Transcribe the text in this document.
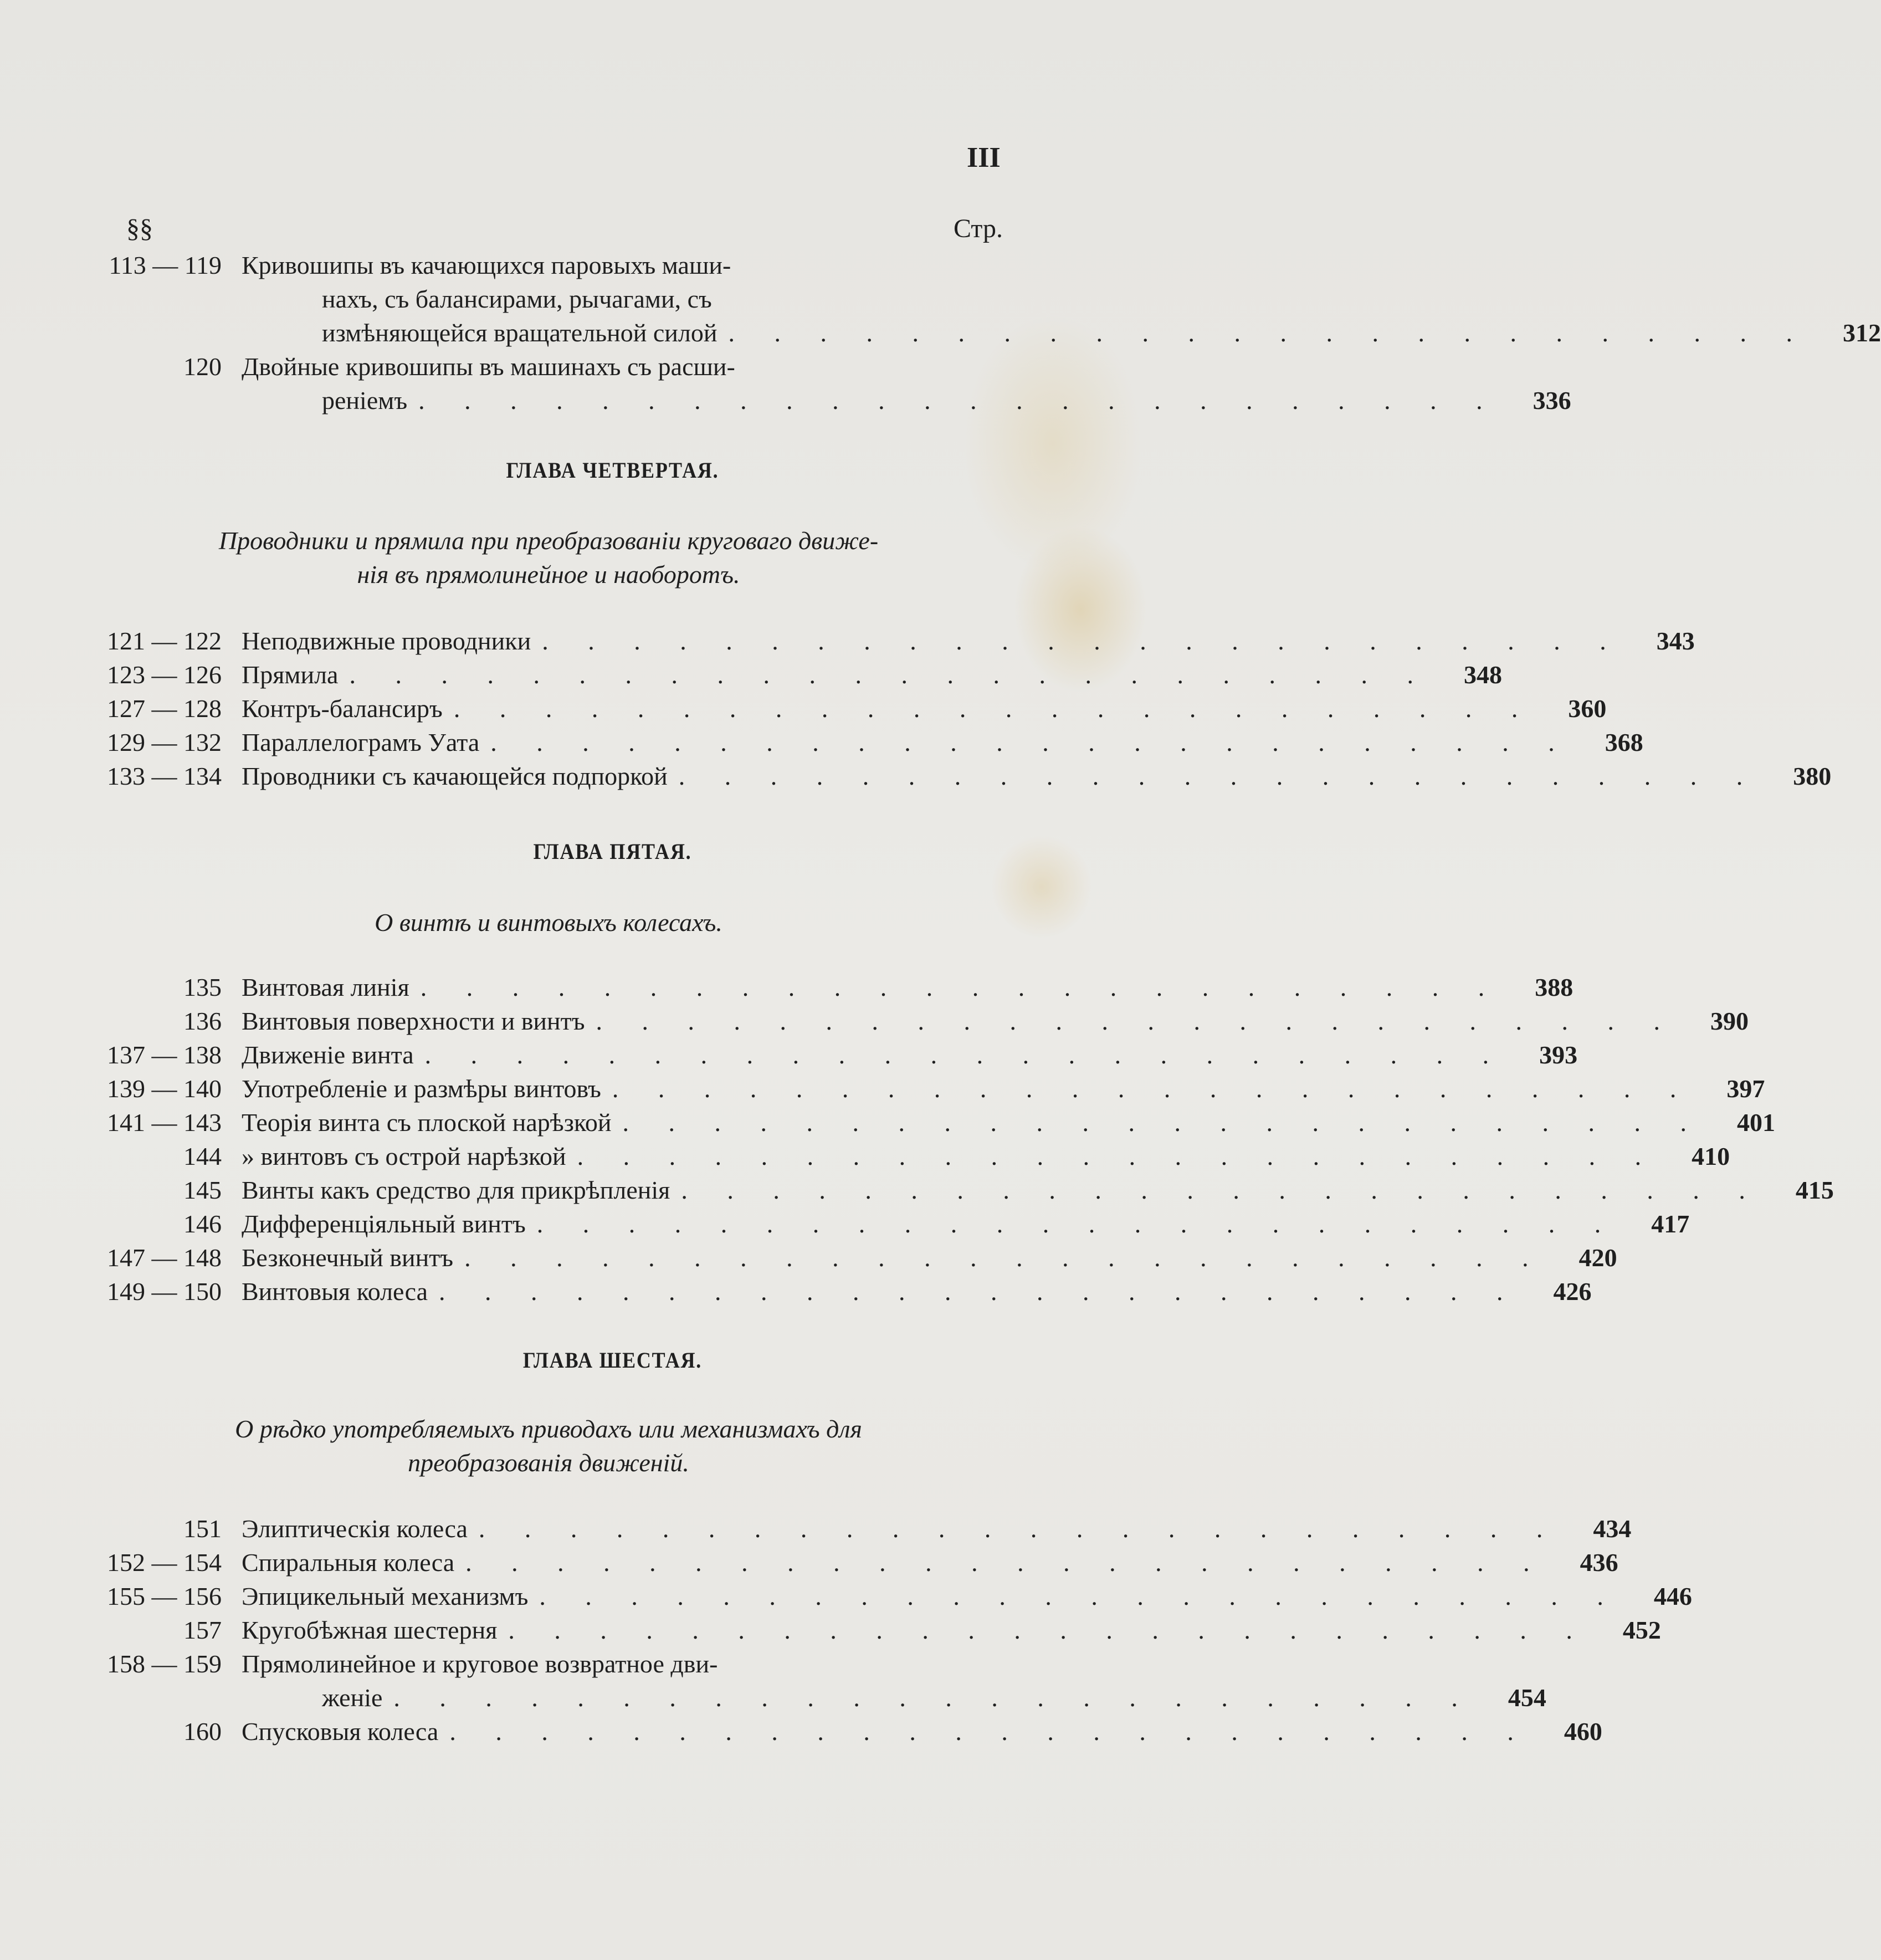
III
§§	Стр.
113 — 119 Кривошипы въ качающихся паровыхъ маши-
нахъ, съ балансирами, рычагами, съ
измѣняющейся вращательной силой . . . . . . . . . . . . . . . . . . . . . . . .	312
120 Двойные кривошипы въ машинахъ съ расши-
реніемъ . . . . . . . . . . . . . . . . . . . . . . . .	336
ГЛАВА ЧЕТВЕРТАЯ.
Проводники и прямила при преобразованіи круговаго движе-
нія въ прямолинейное и наоборотъ.
121 — 122 Неподвижные проводники . . . . . . . . . . . . . . . . . . . . . . . .	343
123 — 126 Прямила . . . . . . . . . . . . . . . . . . . . . . . .	348
127 — 128 Контръ-балансиръ . . . . . . . . . . . . . . . . . . . . . . . .	360
129 — 132 Параллелограмъ Уата . . . . . . . . . . . . . . . . . . . . . . . .	368
133 — 134 Проводники съ качающейся подпоркой . . . . . . . . . . . . . . . . . . . . . . . .	380
ГЛАВА ПЯТАЯ.
О винтѣ и винтовыхъ колесахъ.
135 Винтовая линія . . . . . . . . . . . . . . . . . . . . . . . .	388
136 Винтовыя поверхности и винтъ . . . . . . . . . . . . . . . . . . . . . . . .	390
137 — 138 Движеніе винта . . . . . . . . . . . . . . . . . . . . . . . .	393
139 — 140 Употребленіе и размѣры винтовъ . . . . . . . . . . . . . . . . . . . . . . . .	397
141 — 143 Теорія винта съ плоской нарѣзкой . . . . . . . . . . . . . . . . . . . . . . . .	401
144 » винтовъ съ острой нарѣзкой . . . . . . . . . . . . . . . . . . . . . . . .	410
145 Винты какъ средство для прикрѣпленія . . . . . . . . . . . . . . . . . . . . . . . .	415
146 Дифференціяльный винтъ . . . . . . . . . . . . . . . . . . . . . . . .	417
147 — 148 Безконечный винтъ . . . . . . . . . . . . . . . . . . . . . . . .	420
149 — 150 Винтовыя колеса . . . . . . . . . . . . . . . . . . . . . . . .	426
ГЛАВА ШЕСТАЯ.
О рѣдко употребляемыхъ приводахъ или механизмахъ для
преобразованія движеній.
151 Элиптическія колеса . . . . . . . . . . . . . . . . . . . . . . . .	434
152 — 154 Спиральныя колеса . . . . . . . . . . . . . . . . . . . . . . . .	436
155 — 156 Эпицикельный механизмъ . . . . . . . . . . . . . . . . . . . . . . . .	446
157 Кругобѣжная шестерня . . . . . . . . . . . . . . . . . . . . . . . .	452
158 — 159 Прямолинейное и круговое возвратное дви-
женіе . . . . . . . . . . . . . . . . . . . . . . . .	454
160 Спусковыя колеса . . . . . . . . . . . . . . . . . . . . . . . .	460
